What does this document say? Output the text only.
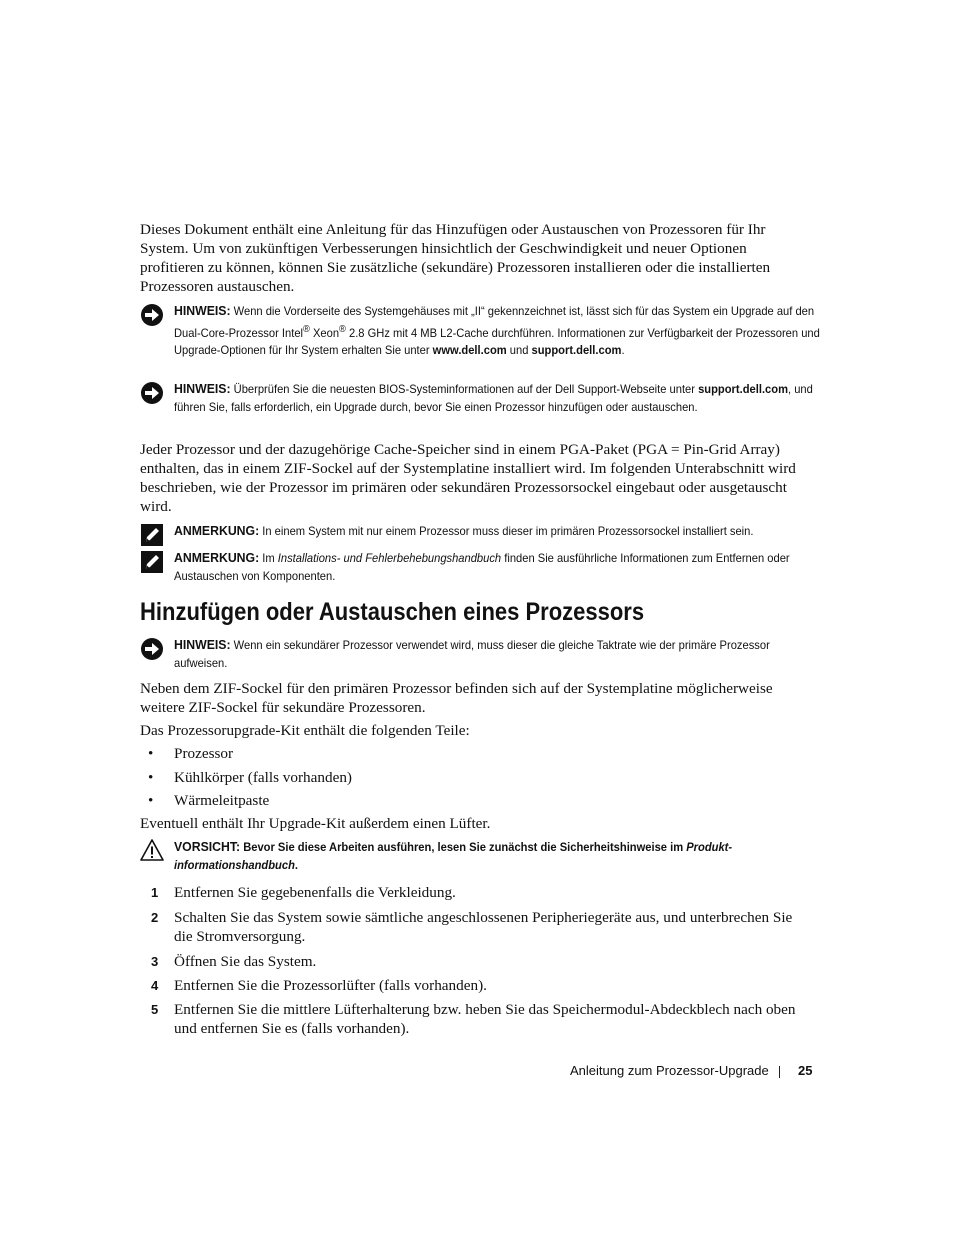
Dieses Dokument enthält eine Anleitung für das Hinzufügen oder Austauschen von Prozessoren für Ihr System. Um von zukünftigen Verbesserungen hinsichtlich der Geschwindigkeit und neuer Optionen profitieren zu können, können Sie zusätzliche (sekundäre) Prozessoren installieren oder die installierten Prozessoren austauschen.

HINWEIS: Wenn die Vorderseite des Systemgehäuses mit „II“ gekennzeichnet ist, lässt sich für das System ein Upgrade auf den Dual-Core-Prozessor Intel® Xeon® 2.8 GHz mit 4 MB L2-Cache durchführen. Informationen zur Verfügbarkeit der Prozessoren und Upgrade-Optionen für Ihr System erhalten Sie unter www.dell.com und support.dell.com.
HINWEIS: Überprüfen Sie die neuesten BIOS-Systeminformationen auf der Dell Support-Webseite unter support.dell.com, und führen Sie, falls erforderlich, ein Upgrade durch, bevor Sie einen Prozessor hinzufügen oder austauschen.

Jeder Prozessor und der dazugehörige Cache-Speicher sind in einem PGA-Paket (PGA = Pin-Grid Array) enthalten, das in einem ZIF-Sockel auf der Systemplatine installiert wird. Im folgenden Unterabschnitt wird beschrieben, wie der Prozessor im primären oder sekundären Prozessorsockel eingebaut oder ausgetauscht wird.

ANMERKUNG: In einem System mit nur einem Prozessor muss dieser im primären Prozessorsockel installiert sein.
ANMERKUNG: Im Installations- und Fehlerbehebungshandbuch finden Sie ausführliche Informationen zum Entfernen oder Austauschen von Komponenten.
Hinzufügen oder Austauschen eines Prozessors
HINWEIS: Wenn ein sekundärer Prozessor verwendet wird, muss dieser die gleiche Taktrate wie der primäre Prozessor aufweisen.

Neben dem ZIF-Sockel für den primären Prozessor befinden sich auf der Systemplatine möglicherweise weitere ZIF-Sockel für sekundäre Prozessoren.

Das Prozessorupgrade-Kit enthält die folgenden Teile:

• Prozessor
• Kühlkörper (falls vorhanden)
• Wärmeleitpaste

Eventuell enthält Ihr Upgrade-Kit außerdem einen Lüfter.

VORSICHT: Bevor Sie diese Arbeiten ausführen, lesen Sie zunächst die Sicherheitshinweise im Produkt-informationshandbuch.
1 Entfernen Sie gegebenenfalls die Verkleidung.
2 Schalten Sie das System sowie sämtliche angeschlossenen Peripheriegeräte aus, und unterbrechen Sie die Stromversorgung.
3 Öffnen Sie das System.
4 Entfernen Sie die Prozessorlüfter (falls vorhanden).
5 Entfernen Sie die mittlere Lüfterhalterung bzw. heben Sie das Speichermodul-Abdeckblech nach oben und entfernen Sie es (falls vorhanden).
Anleitung zum Prozessor-Upgrade 25
